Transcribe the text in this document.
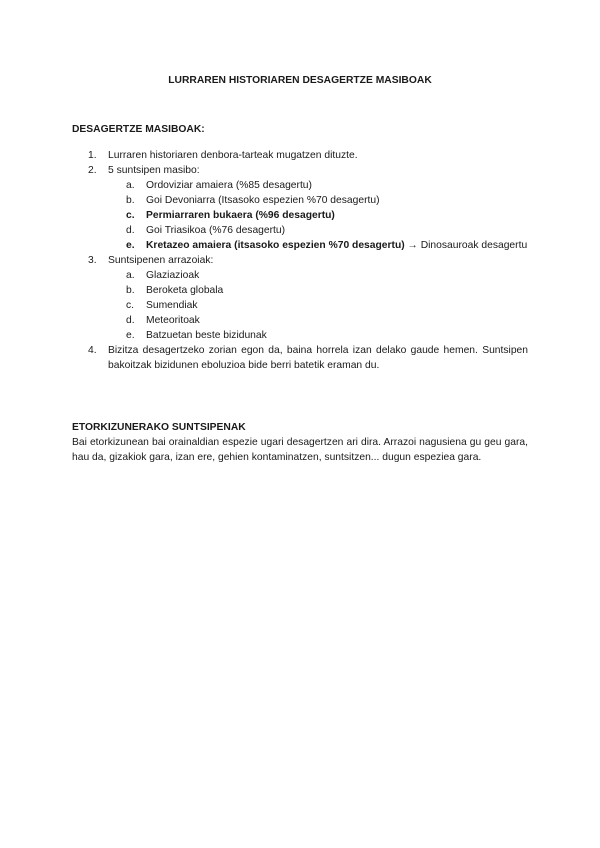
LURRAREN HISTORIAREN DESAGERTZE MASIBOAK
DESAGERTZE MASIBOAK:
1. Lurraren historiaren denbora-tarteak mugatzen dituzte.
2. 5 suntsipen masibo:
a. Ordoviziar amaiera (%85 desagertu)
b. Goi Devoniarra (Itsasoko espezien %70 desagertu)
c. Permiarraren bukaera (%96 desagertu)
d. Goi Triasikoa (%76 desagertu)
e. Kretazeo amaiera (itsasoko espezien %70 desagertu) → Dinosauroak desagertu
3. Suntsipenen arrazoiak:
a. Glaziazioak
b. Beroketa globala
c. Sumendiak
d. Meteoritoak
e. Batzuetan beste bizidunak
4. Bizitza desagertzeko zorian egon da, baina horrela izan delako gaude hemen. Suntsipen bakoitzak bizidunen eboluzioa bide berri batetik eraman du.
ETORKIZUNERAKO SUNTSIPENAK
Bai etorkizunean bai orainaldian espezie ugari desagertzen ari dira. Arrazoi nagusiena gu geu gara, hau da, gizakiok gara, izan ere, gehien kontaminatzen, suntsitzen... dugun espeziea gara.
